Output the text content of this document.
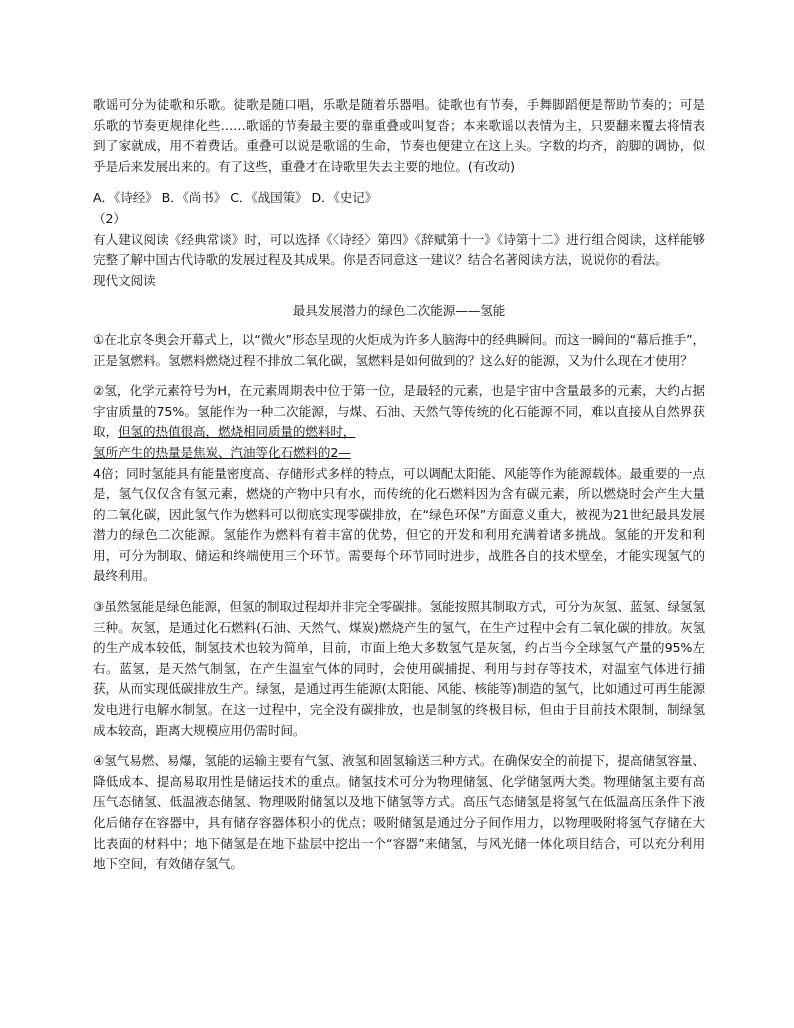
歌谣可分为徒歌和乐歌。徒歌是随口唱，乐歌是随着乐器唱。徒歌也有节奏，手舞脚蹈便是帮助节奏的；可是乐歌的节奏更规律化些……歌谣的节奏最主要的靠重叠或叫复沓；本来歌谣以表情为主，只要翻来覆去将情表到了家就成，用不着费话。重叠可以说是歌谣的生命，节奏也便建立在这上头。字数的均齐，韵脚的调协，似乎是后来发展出来的。有了这些，重叠才在诗歌里失去主要的地位。(有改动)

A．《诗经》 B．《尚书》 C．《战国策》 D．《史记》

（2）

有人建议阅读《经典常谈》时，可以选择《〈诗经〉第四》《辞赋第十一》《诗第十二》进行组合阅读，这样能够完整了解中国古代诗歌的发展过程及其成果。你是否同意这一建议？结合名著阅读方法，说说你的看法。

现代文阅读

最具发展潜力的绿色二次能源——氢能

①在北京冬奥会开幕式上，以“微火”形态呈现的火炬成为许多人脑海中的经典瞬间。而这一瞬间的“幕后推手”，正是氢燃料。氢燃料燃烧过程不排放二氧化碳，氢燃料是如何做到的？这么好的能源，又为什么现在才使用？

②氢，化学元素符号为H，在元素周期表中位于第一位，是最轻的元素，也是宇宙中含量最多的元素，大约占据宇宙质量的75%。氢能作为一种二次能源，与煤、石油、天然气等传统的化石能源不同，难以直接从自然界获取，但氢的热值很高，燃烧相同质量的燃料时，
氢所产生的热量是焦炭、汽油等化石燃料的2—
4倍；同时氢能具有能量密度高、存储形式多样的特点，可以调配太阳能、风能等作为能源载体。最重要的一点是，氢气仅仅含有氢元素，燃烧的产物中只有水，而传统的化石燃料因为含有碳元素，所以燃烧时会产生大量的二氧化碳，因此氢气作为燃料可以彻底实现零碳排放，在“绿色环保”方面意义重大，被视为21世纪最具发展潜力的绿色二次能源。氢能作为燃料有着丰富的优势，但它的开发和利用充满着诸多挑战。氢能的开发和利用，可分为制取、储运和终端使用三个环节。需要每个环节同时进步，战胜各自的技术壁垒，才能实现氢气的最终利用。

③虽然氢能是绿色能源，但氢的制取过程却并非完全零碳排。氢能按照其制取方式，可分为灰氢、蓝氢、绿氢氢三种。灰氢，是通过化石燃料(石油、天然气、煤炭)燃烧产生的氢气，在生产过程中会有二氧化碳的排放。灰氢的生产成本较低，制氢技术也较为简单，目前，市面上绝大多数氢气是灰氢，约占当今全球氢气产量的95%左右。蓝氢，是天然气制氢，在产生温室气体的同时，会使用碳捕捉、利用与封存等技术，对温室气体进行捕获，从而实现低碳排放生产。绿氢，是通过再生能源(太阳能、风能、核能等)制造的氢气，比如通过可再生能源发电进行电解水制氢。在这一过程中，完全没有碳排放，也是制氢的终极目标，但由于目前技术限制，制绿氢成本较高，距离大规模应用仍需时间。

④氢气易燃、易爆，氢能的运输主要有气氢、液氢和固氢输送三种方式。在确保安全的前提下，提高储氢容量、降低成本、提高易取用性是储运技术的重点。储氢技术可分为物理储氢、化学储氢两大类。物理储氢主要有高压气态储氢、低温液态储氢、物理吸附储氢以及地下储氢等方式。高压气态储氢是将氢气在低温高压条件下液化后储存在容器中，具有储存容器体积小的优点；吸附储氢是通过分子间作用力，以物理吸附将氢气存储在大比表面的材料中；地下储氢是在地下盐层中挖出一个“容器”来储氢，与风光储一体化项目结合，可以充分利用地下空间，有效储存氢气。
